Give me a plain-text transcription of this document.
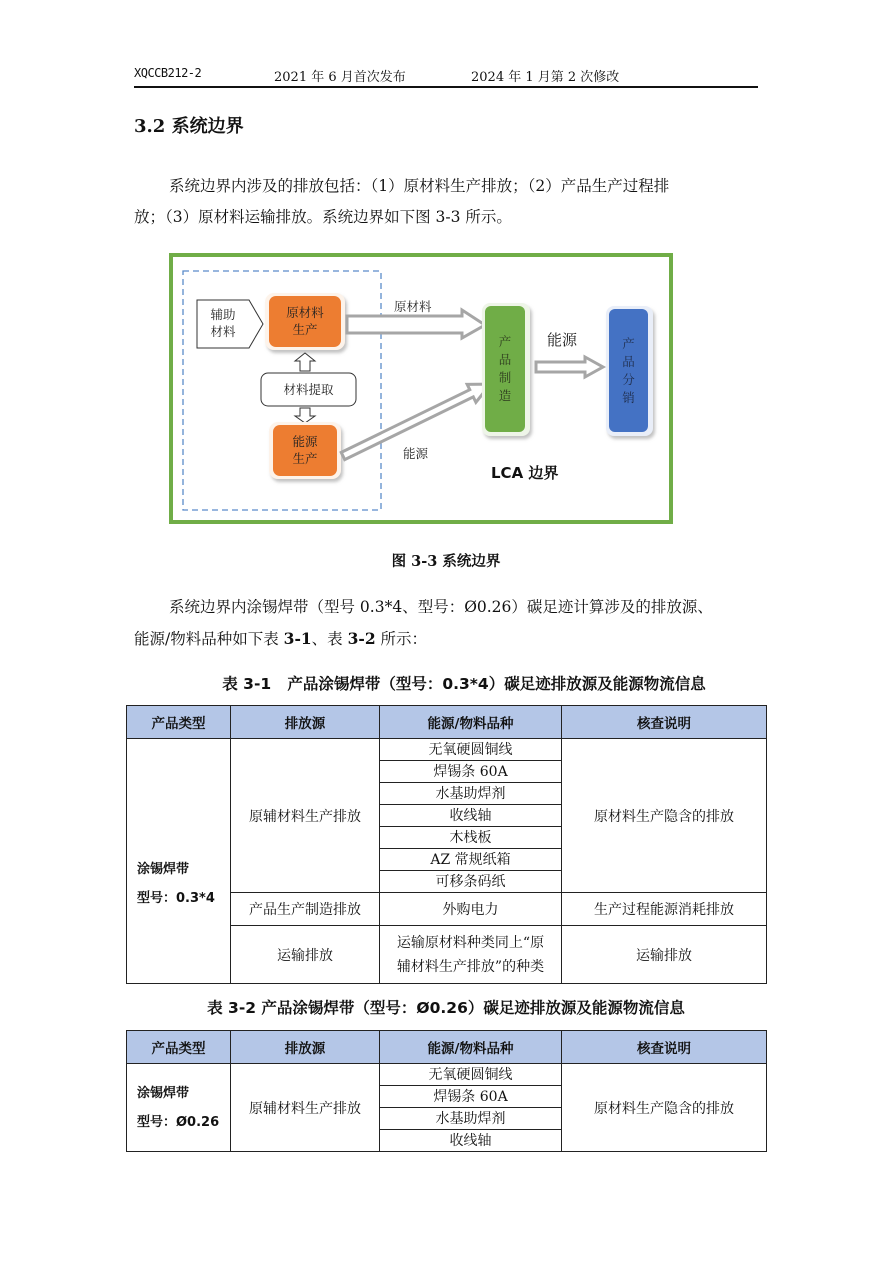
XQCCB212-2	2021 年 6 月首次发布	2024 年 1 月第 2 次修改
3.2 系统边界
系统边界内涉及的排放包括：（1）原材料生产排放；（2）产品生产过程排
放；（3）原材料运输排放。系统边界如下图 3-3 所示。
辅助
材料
原材料
生产
材料提取
能源
生产
原材料
能源
产
品
制
造
能源	产
品
分
销
LCA 边界
图 3-3 系统边界
系统边界内涂锡焊带（型号 0.3*4、型号：Ø0.26）碳足迹计算涉及的排放源、
能源/物料品种如下表 3-1、表 3-2 所示：
表 3-1   产品涂锡焊带（型号：0.3*4）碳足迹排放源及能源物流信息
产品类型	排放源	能源/物料品种	核查说明

涂锡焊带
型号：0.3*4	原辅材料生产排放	无氧硬圆铜线	原材料生产隐含的排放
		焊锡条 60A	
		水基助焊剂	
		收线轴	
		木栈板	
		AZ 常规纸箱	
		可移条码纸	
	产品生产制造排放	外购电力	生产过程能源消耗排放
	运输排放	运输原材料种类同上“原
辅材料生产排放”的种类	运输排放
表 3-2 产品涂锡焊带（型号：Ø0.26）碳足迹排放源及能源物流信息
产品类型	排放源	能源/物料品种	核查说明

涂锡焊带
型号：Ø0.26	原辅材料生产排放	无氧硬圆铜线	原材料生产隐含的排放
		焊锡条 60A	
		水基助焊剂	
		收线轴	
